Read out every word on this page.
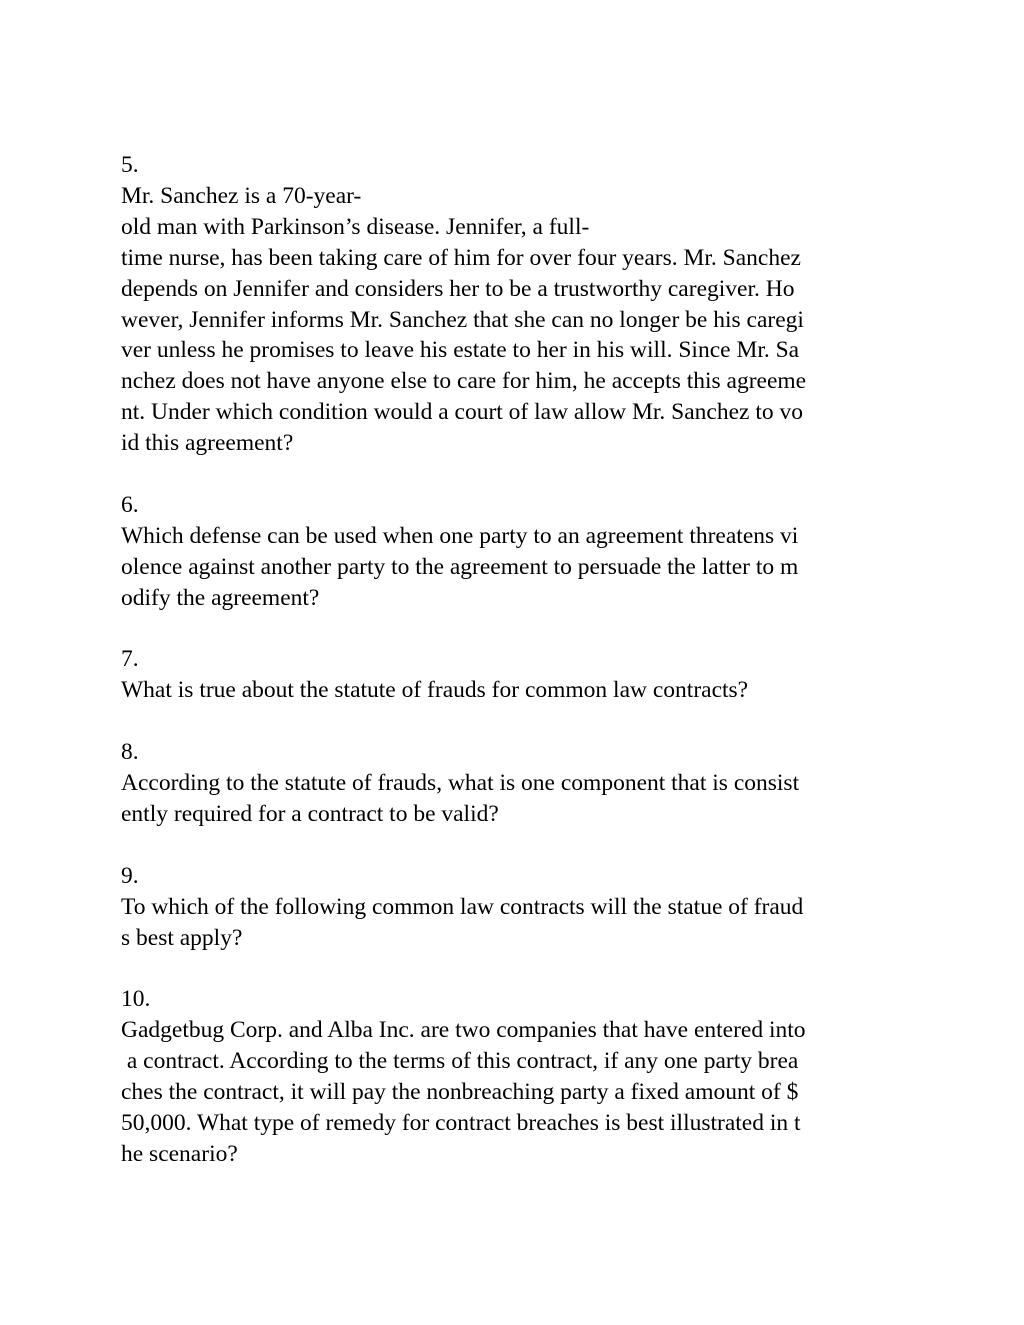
5.
Mr. Sanchez is a 70-year-
old man with Parkinson’s disease. Jennifer, a full-
time nurse, has been taking care of him for over four years. Mr. Sanchez
depends on Jennifer and considers her to be a trustworthy caregiver. Ho
wever, Jennifer informs Mr. Sanchez that she can no longer be his caregi
ver unless he promises to leave his estate to her in his will. Since Mr. Sa
nchez does not have anyone else to care for him, he accepts this agreeme
nt. Under which condition would a court of law allow Mr. Sanchez to vo
id this agreement?
6.
Which defense can be used when one party to an agreement threatens vi
olence against another party to the agreement to persuade the latter to m
odify the agreement?
7.
What is true about the statute of frauds for common law contracts?
8.
According to the statute of frauds, what is one component that is consist
ently required for a contract to be valid?
9.
To which of the following common law contracts will the statue of fraud
s best apply?
10.
Gadgetbug Corp. and Alba Inc. are two companies that have entered into
a contract. According to the terms of this contract, if any one party brea
ches the contract, it will pay the nonbreaching party a fixed amount of $
50,000. What type of remedy for contract breaches is best illustrated in t
he scenario?
